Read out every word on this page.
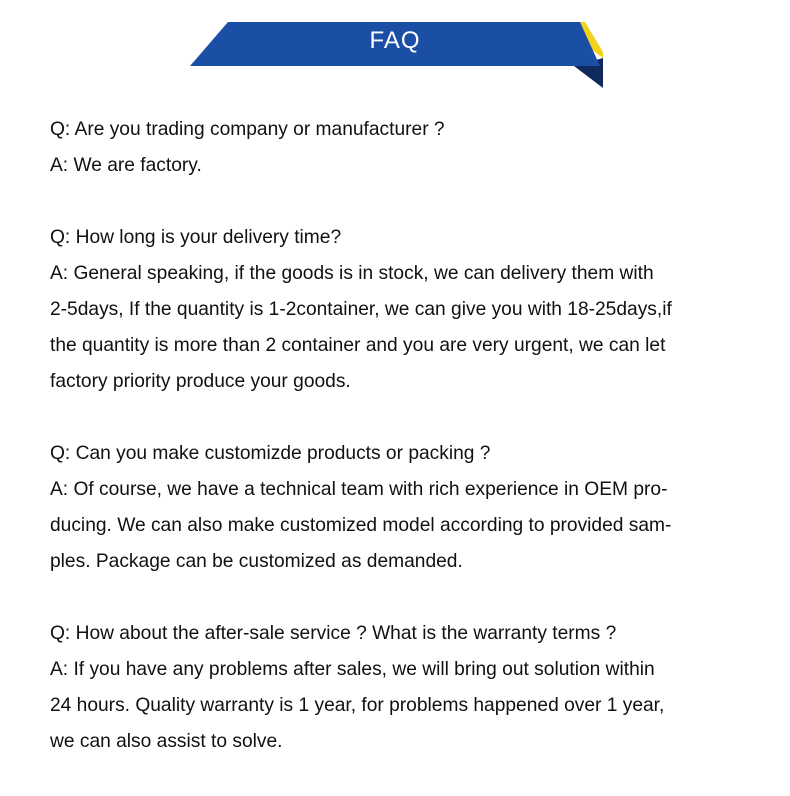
FAQ
Q: Are you trading company or manufacturer ?
A: We are factory.
Q: How long is your delivery time?
A: General speaking, if the goods is in stock, we can delivery them with
2-5days, If the quantity is 1-2container, we can give you with 18-25days,if
the quantity is more than 2 container and you are very urgent, we can let
factory priority produce your goods.
Q: Can you make customizde products or packing ?
A: Of course, we have a technical team with rich experience in OEM pro-
ducing. We can also make customized model according to provided sam-
ples. Package can be customized as demanded.
Q: How about the after-sale service ? What is the warranty terms ?
A: If you have any problems after sales, we will bring out solution within
24 hours. Quality warranty is 1 year, for problems happened over 1 year,
we can also assist to solve.
